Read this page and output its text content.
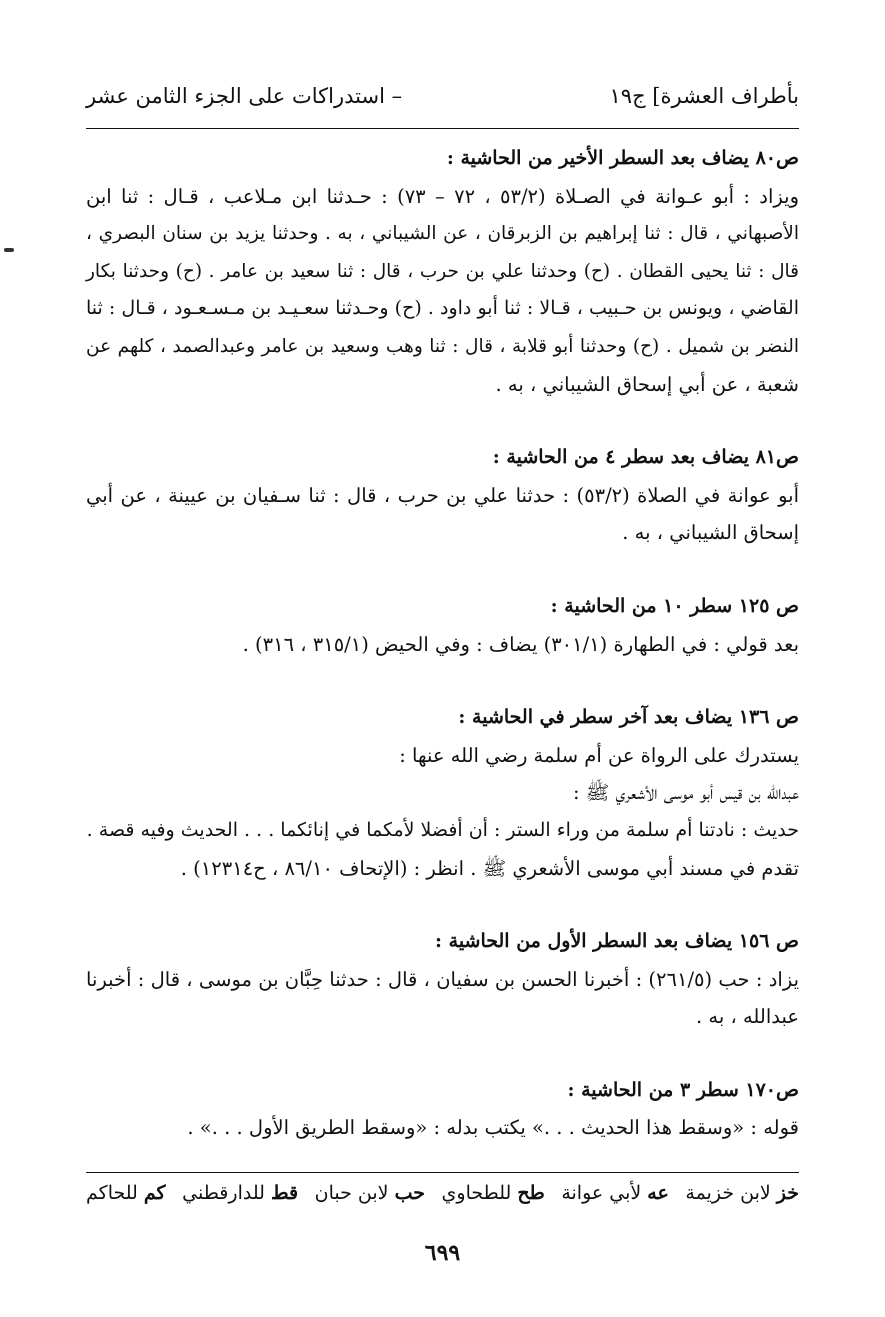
بأطراف العشرة] ج١٩
– استدراكات على الجزء الثامن عشر
ص٨٠ يضاف بعد السطر الأخير من الحاشية :
ويزاد : أبو عـوانة في الصـلاة (٥٣/٢ ، ٧٢ – ٧٣) : حـدثنا ابن مـلاعب ، قـال : ثنا ابن
الأصبهاني ، قال : ثنا إبراهيم بن الزبرقان ، عن الشيباني ، به . وحدثنا يزيد بن سنان البصري ،
قال : ثنا يحيى القطان . (ح) وحدثنا علي بن حرب ، قال : ثنا سعيد بن عامر . (ح) وحدثنا بكار
القاضي ، ويونس بن حـبيب ، قـالا : ثنا أبو داود . (ح) وحـدثنا سعـيـد بن مـسـعـود ، قـال : ثنا
النضر بن شميل . (ح) وحدثنا أبو قلابة ، قال : ثنا وهب وسعيد بن عامر وعبدالصمد ، كلهم عن
شعبة ، عن أبي إسحاق الشيباني ، به .
ص٨١ يضاف بعد سطر ٤ من الحاشية :
أبو عوانة في الصلاة (٥٣/٢) : حدثنا علي بن حرب ، قال : ثنا سـفيان بن عيينة ، عن أبي
إسحاق الشيباني ، به .
ص ١٢٥ سطر ١٠ من الحاشية :
بعد قولي : في الطهارة (٣٠١/١) يضاف : وفي الحيض (٣١٥/١ ، ٣١٦) .
ص ١٣٦ يضاف بعد آخر سطر في الحاشية :
يستدرك على الرواة عن أم سلمة رضي الله عنها :
عبدالله بن قيس أبو موسى الأشعري ﷺ :
حديث : نادتنا أم سلمة من وراء الستر : أن أفضلا لأمكما في إنائكما . . . الحديث وفيه قصة .
تقدم في مسند أبي موسى الأشعري ﷺ . انظر : (الإتحاف ٨٦/١٠ ، ح١٢٣١٤) .
ص ١٥٦ يضاف بعد السطر الأول من الحاشية :
يزاد : حب (٢٦١/٥) : أخبرنا الحسن بن سفيان ، قال : حدثنا حِبَّان بن موسى ، قال : أخبرنا
عبدالله ، به .
ص١٧٠ سطر ٣ من الحاشية :
قوله : «وسقط هذا الحديث . . .» يكتب بدله : «وسقط الطريق الأول . . .» .
خز لابن خزيمة
عه لأبي عوانة
طح للطحاوي
حب لابن حبان
قط للدارقطني
كم للحاكم
٦٩٩
